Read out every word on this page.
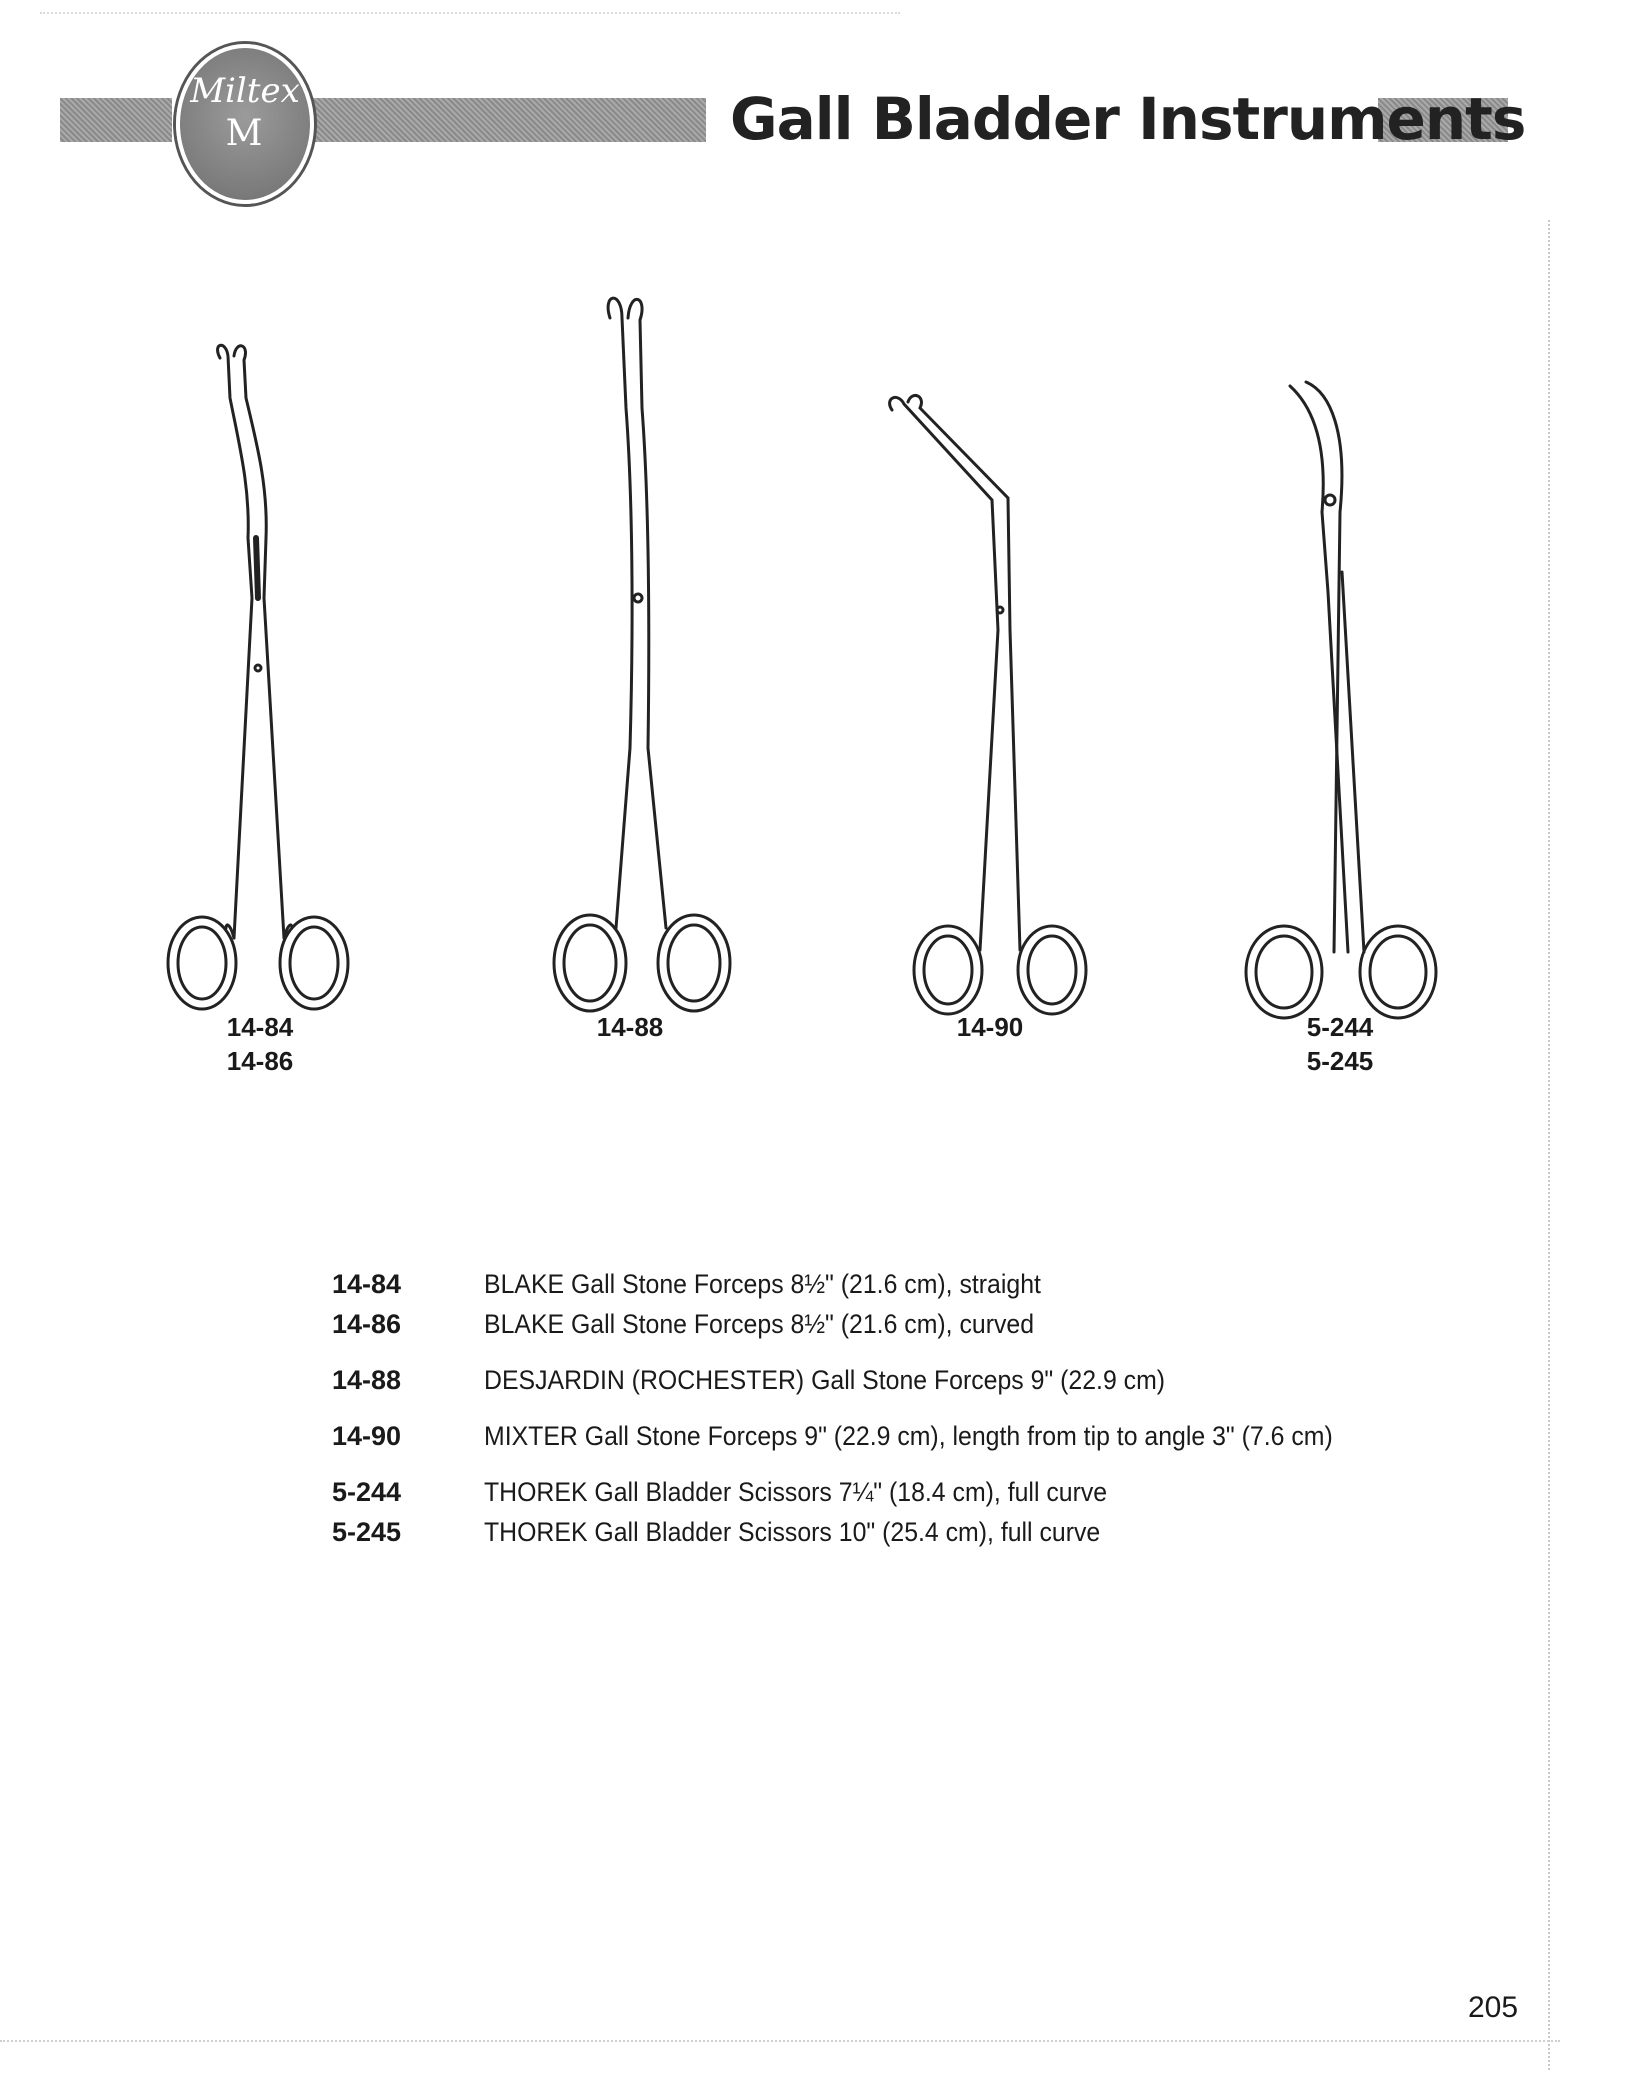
Miltex
M	Gall Bladder Instruments
14-84
14-86
14-88	14-90	5-244
5-245
14-84	BLAKE Gall Stone Forceps 8½" (21.6 cm), straight
14-86	BLAKE Gall Stone Forceps 8½" (21.6 cm), curved
14-88	DESJARDIN (ROCHESTER) Gall Stone Forceps 9" (22.9 cm)
14-90	MIXTER Gall Stone Forceps 9" (22.9 cm), length from tip to angle 3" (7.6 cm)
5-244	THOREK Gall Bladder Scissors 7¼" (18.4 cm), full curve
5-245	THOREK Gall Bladder Scissors 10" (25.4 cm), full curve
205
